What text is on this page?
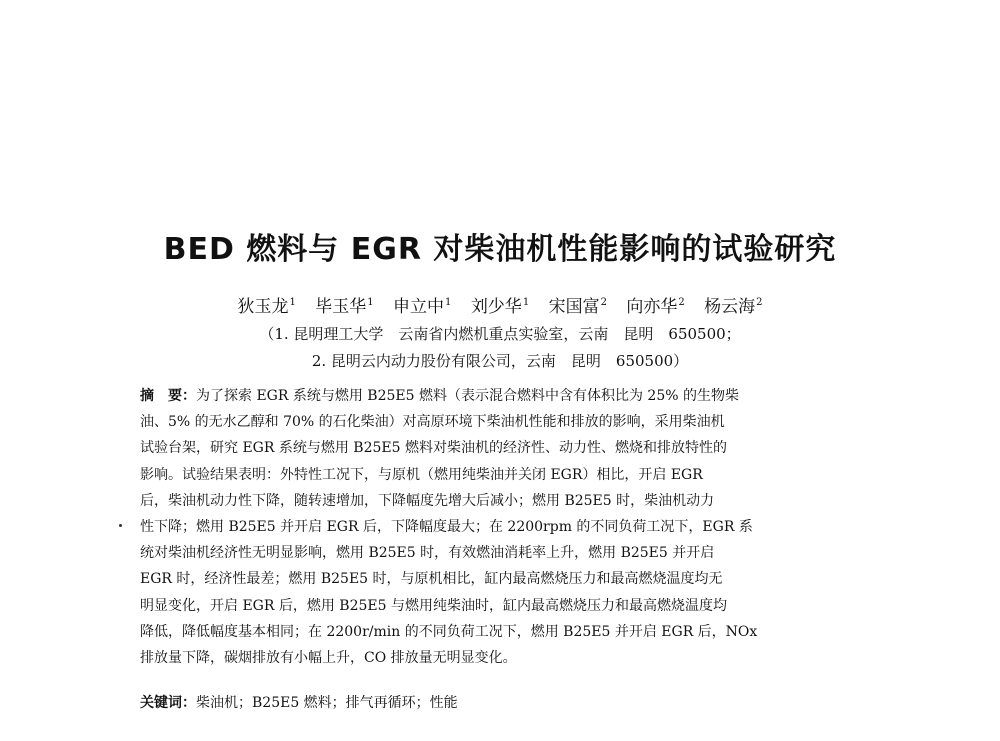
BED 燃料与 EGR 对柴油机性能影响的试验研究
狄玉龙$^1$ 毕玉华$^1$ 申立中$^1$ 刘少华$^1$ 宋国富$^2$ 向亦华$^2$ 杨云海$^2$
（1. 昆明理工大学　云南省内燃机重点实验室，云南　昆明　650500；
2. 昆明云内动力股份有限公司，云南　昆明　650500）
摘　要：为了探索 EGR 系统与燃用 B25E5 燃料（表示混合燃料中含有体积比为 25% 的生物柴
油、5% 的无水乙醇和 70% 的石化柴油）对高原环境下柴油机性能和排放的影响，采用柴油机
试验台架，研究 EGR 系统与燃用 B25E5 燃料对柴油机的经济性、动力性、燃烧和排放特性的
影响。试验结果表明：外特性工况下，与原机（燃用纯柴油并关闭 EGR）相比，开启 EGR
后，柴油机动力性下降，随转速增加，下降幅度先增大后减小；燃用 B25E5 时，柴油机动力
性下降；燃用 B25E5 并开启 EGR 后，下降幅度最大；在 2200rpm 的不同负荷工况下，EGR 系
统对柴油机经济性无明显影响，燃用 B25E5 时，有效燃油消耗率上升，燃用 B25E5 并开启
EGR 时，经济性最差；燃用 B25E5 时，与原机相比，缸内最高燃烧压力和最高燃烧温度均无
明显变化，开启 EGR 后，燃用 B25E5 与燃用纯柴油时，缸内最高燃烧压力和最高燃烧温度均
降低，降低幅度基本相同；在 2200r/min 的不同负荷工况下，燃用 B25E5 并开启 EGR 后，NOx
排放量下降，碳烟排放有小幅上升，CO 排放量无明显变化。
关键词：柴油机；B25E5 燃料；排气再循环；性能
